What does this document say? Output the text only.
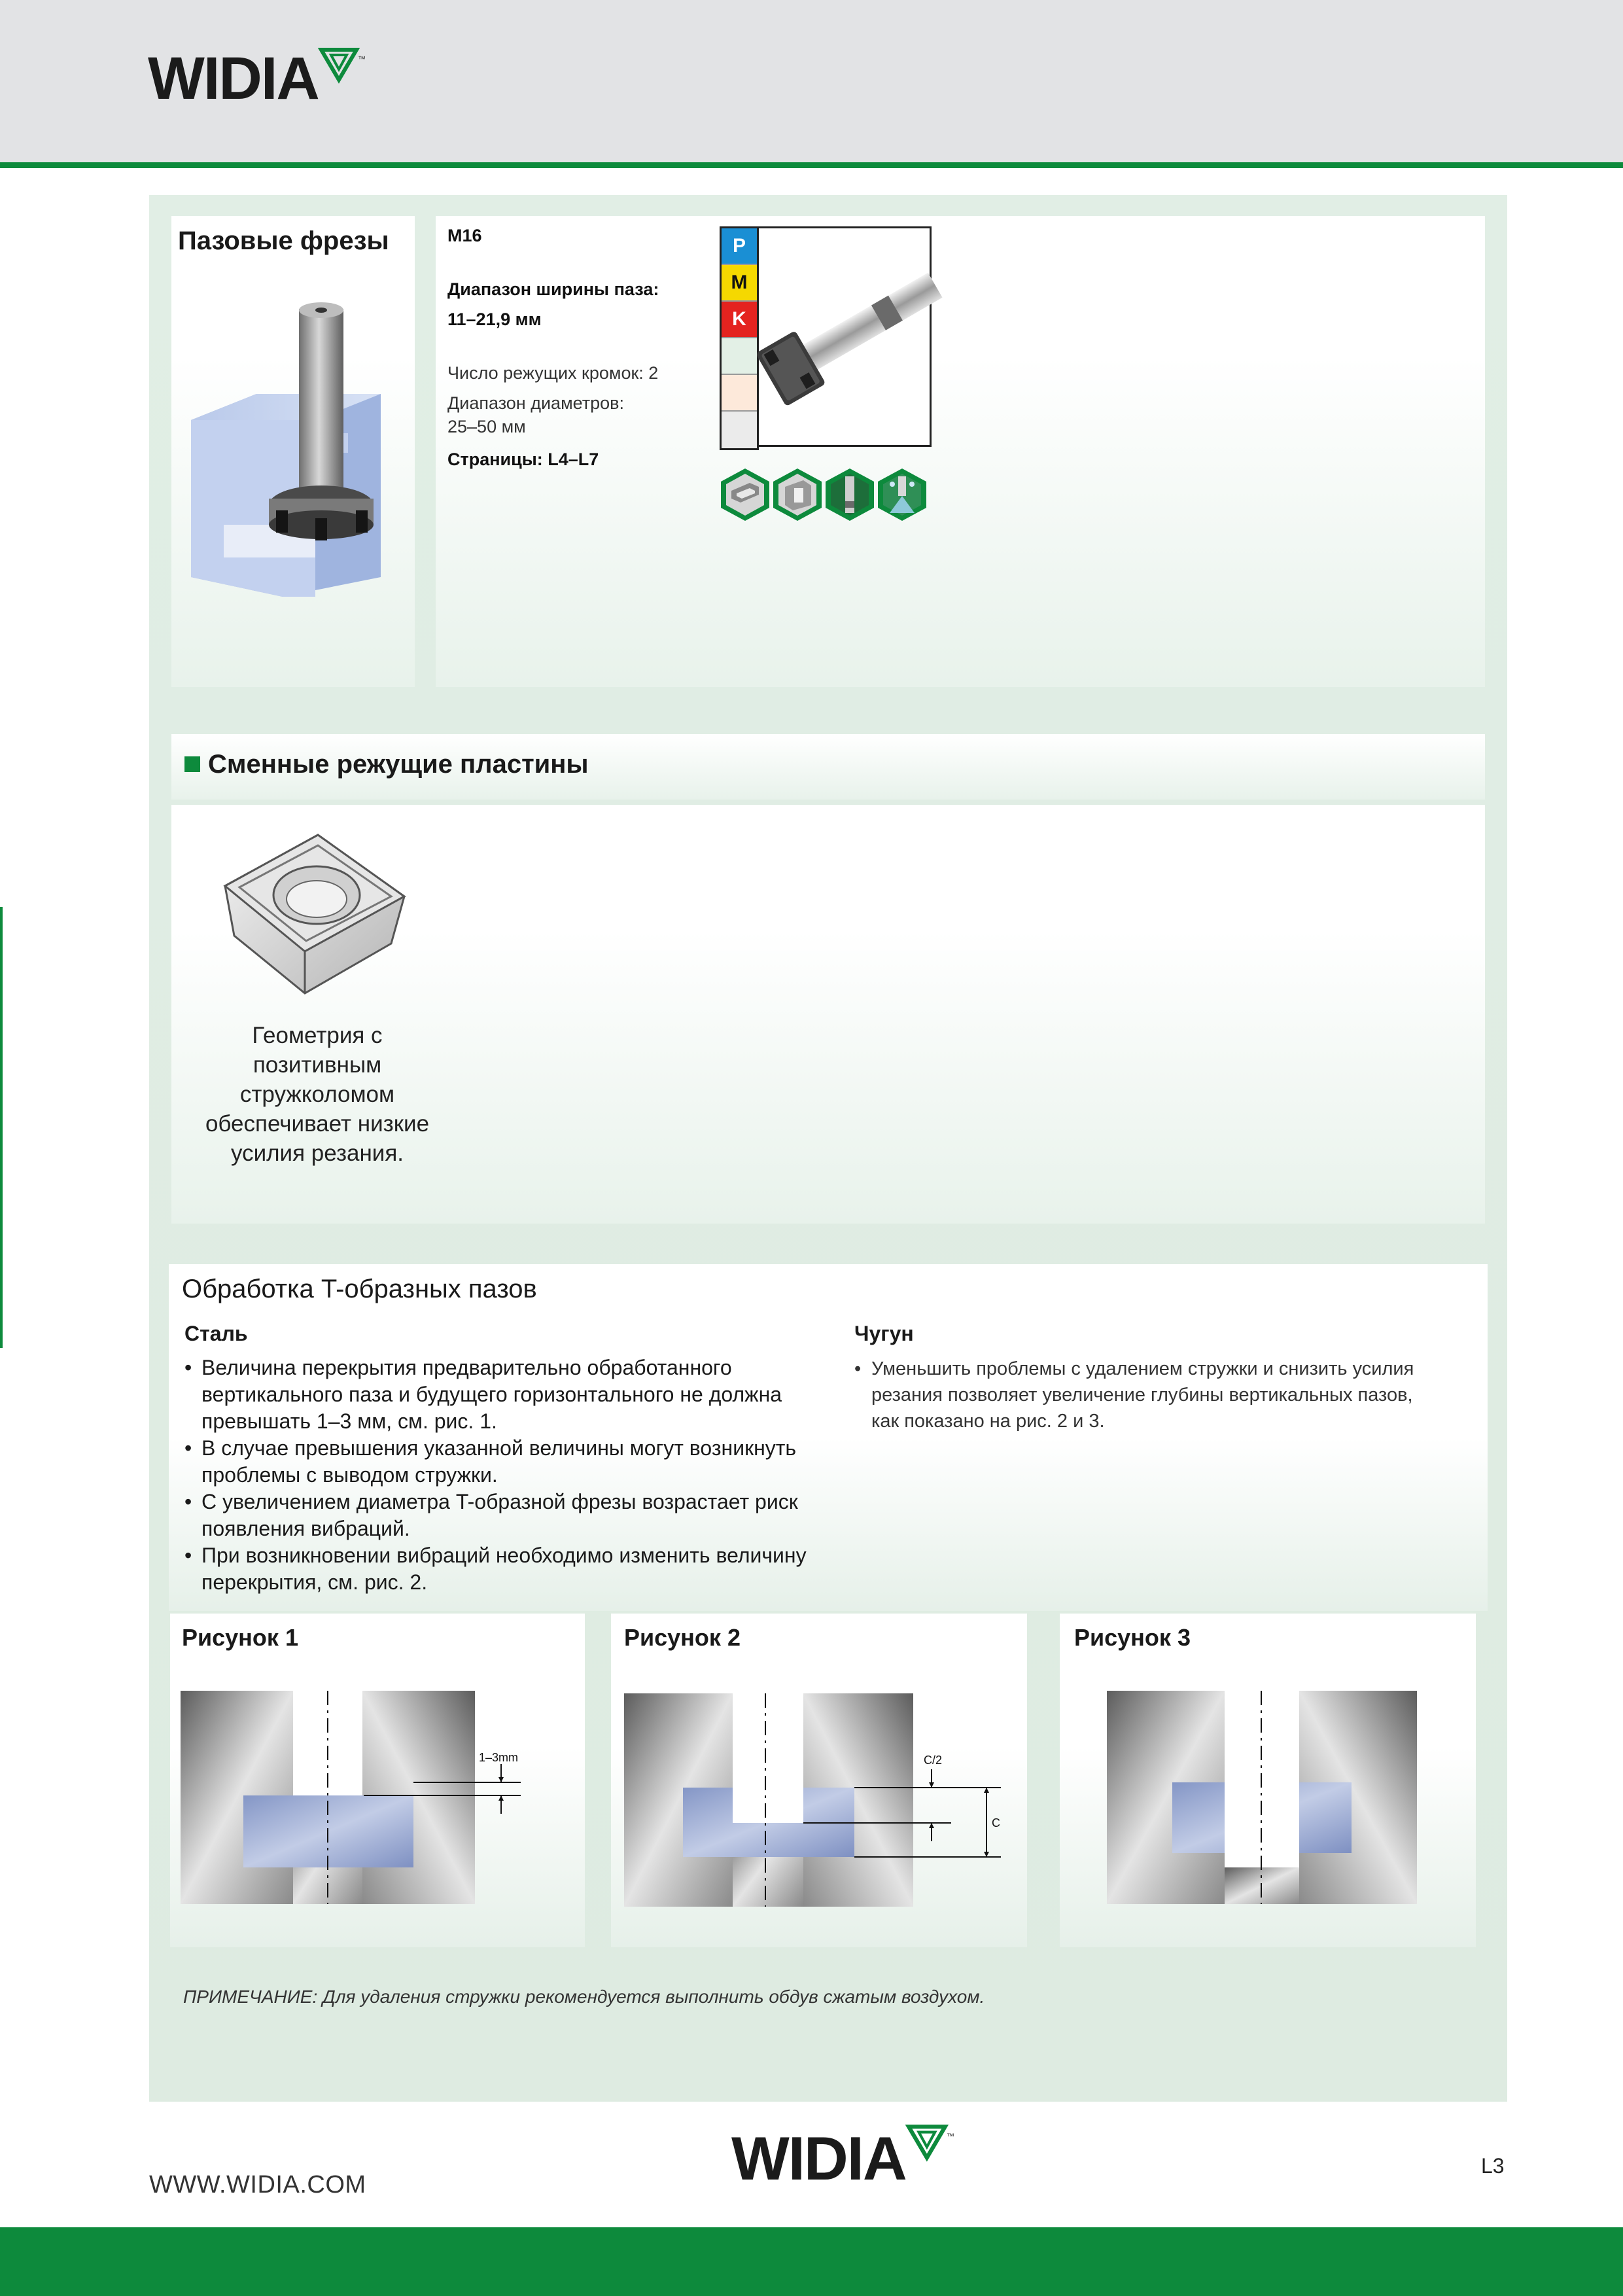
WIDIA	™
Пазовые фрезы	M16
Диапазон ширины паза:
11–21,9 мм
Число режущих кромок: 2
Диапазон диаметров:
25–50 мм
Страницы: L4–L7
P
M
K
Сменные режущие пластины
Геометрия с
позитивным
стружколомом
обеспечивает низкие
усилия резания.
Обработка T-образных пазов
Сталь
• Величина перекрытия предварительно обработанного
вертикального паза и будущего горизонтального не должна
превышать 1–3 мм, см. рис. 1.
• В случае превышения указанной величины могут возникнуть
проблемы с выводом стружки.
• С увеличением диаметра T-образной фрезы возрастает риск
появления вибраций.
• При возникновении вибраций необходимо изменить величину
перекрытия, см. рис. 2.
Чугун
• Уменьшить проблемы с удалением стружки и снизить усилия
резания позволяет увеличение глубины вертикальных пазов,
как показано на рис. 2 и 3.
Рисунок 1
1–3mm
Рисунок 2
C/2
C
Рисунок 3
ПРИМЕЧАНИЕ: Для удаления стружки рекомендуется выполнить обдув сжатым воздухом.
WWW.WIDIA.COM	WIDIA	™
L3
